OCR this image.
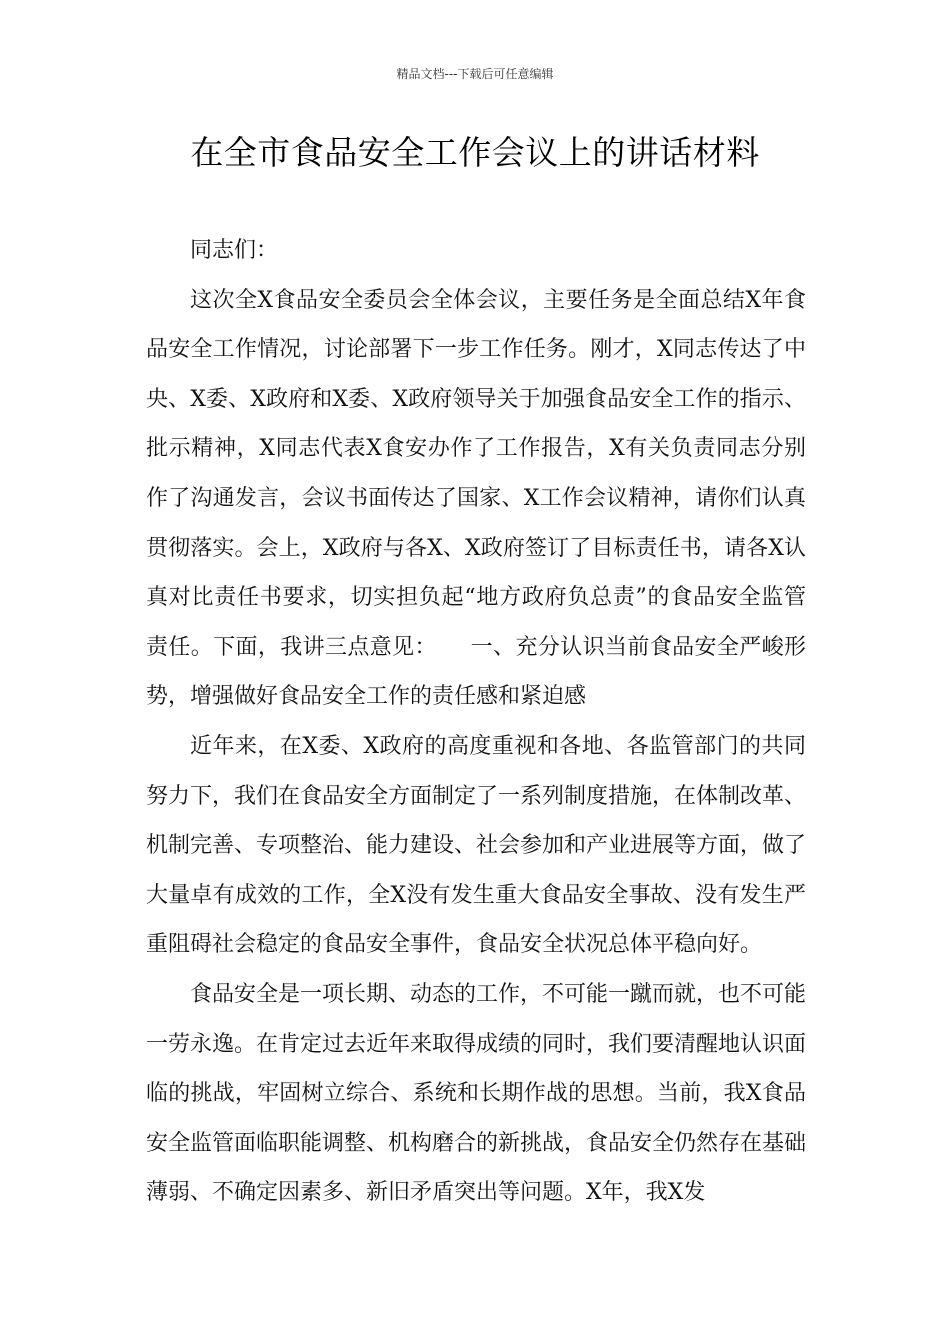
精品文档---下载后可任意编辑
在全市食品安全工作会议上的讲话材料

同志们：

这次全X食品安全委员会全体会议，主要任务是全面总结X年食品安全工作情况，讨论部署下一步工作任务。刚才，X同志传达了中央、X委、X政府和X委、X政府领导关于加强食品安全工作的指示、批示精神，X同志代表X食安办作了工作报告，X有关负责同志分别作了沟通发言，会议书面传达了国家、X工作会议精神，请你们认真贯彻落实。会上，X政府与各X、X政府签订了目标责任书，请各X认真对比责任书要求，切实担负起“地方政府负总责”的食品安全监管责任。下面，我讲三点意见：　　一、充分认识当前食品安全严峻形势，增强做好食品安全工作的责任感和紧迫感

近年来，在X委、X政府的高度重视和各地、各监管部门的共同努力下，我们在食品安全方面制定了一系列制度措施，在体制改革、机制完善、专项整治、能力建设、社会参加和产业进展等方面，做了大量卓有成效的工作，全X没有发生重大食品安全事故、没有发生严重阻碍社会稳定的食品安全事件，食品安全状况总体平稳向好。

食品安全是一项长期、动态的工作，不可能一蹴而就，也不可能一劳永逸。在肯定过去近年来取得成绩的同时，我们要清醒地认识面临的挑战，牢固树立综合、系统和长期作战的思想。当前，我X食品安全监管面临职能调整、机构磨合的新挑战，食品安全仍然存在基础薄弱、不确定因素多、新旧矛盾突出等问题。X年，我X发
